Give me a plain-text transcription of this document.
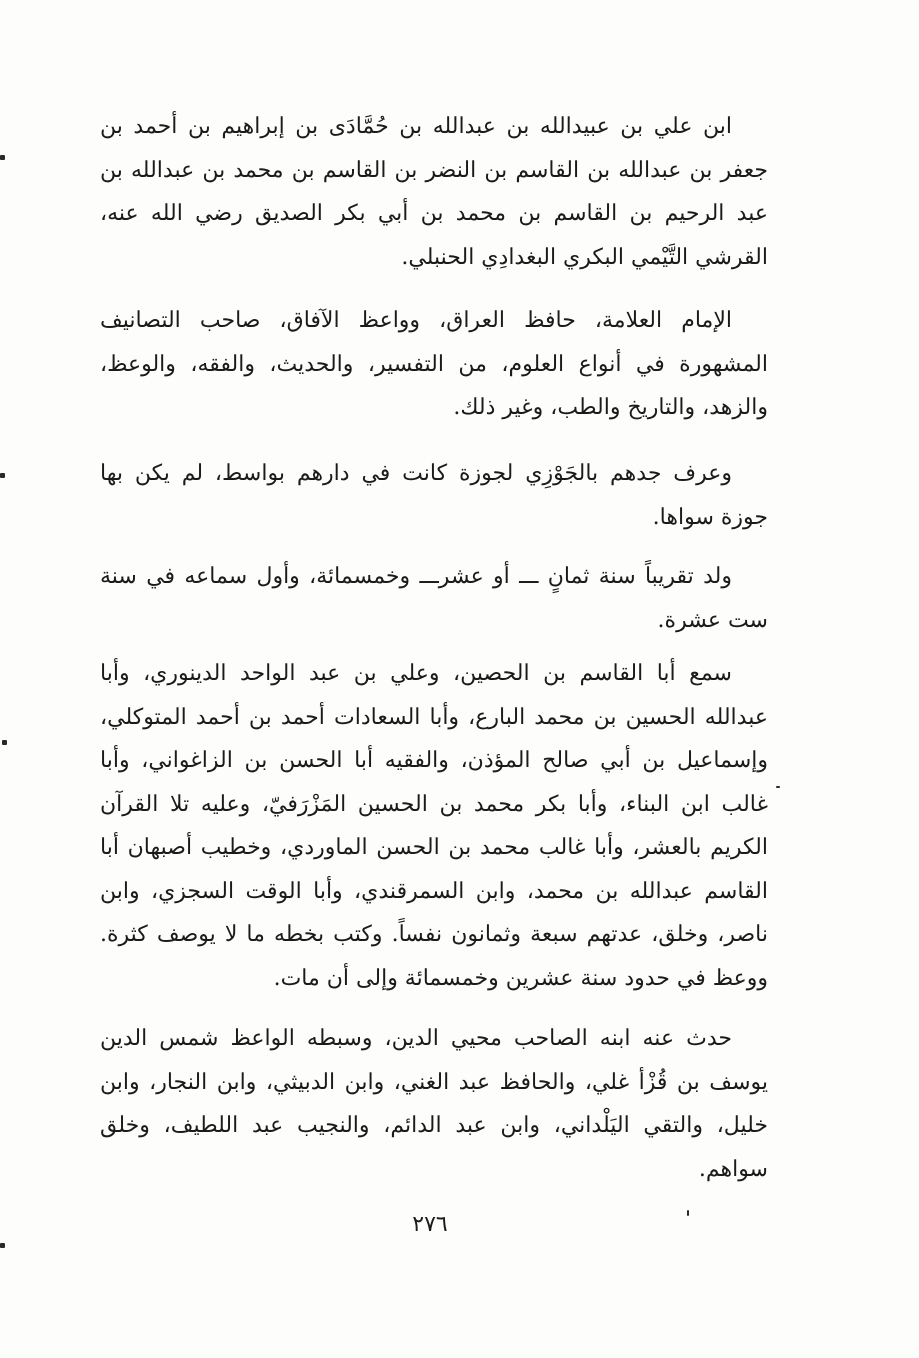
ابن علي بن عبيدالله بن عبدالله بن حُمَّادَى بن إبراهيم بن أحمد بن جعفر بن عبدالله بن القاسم بن النضر بن القاسم بن محمد بن عبدالله بن عبد الرحيم بن القاسم بن محمد بن أبي بكر الصديق رضي الله عنه، القرشي التَّيْمي البكري البغدادِي الحنبلي.

الإمام العلامة، حافظ العراق، وواعظ الآفاق، صاحب التصانيف المشهورة في أنواع العلوم، من التفسير، والحديث، والفقه، والوعظ، والزهد، والتاريخ والطب، وغير ذلك.

وعرف جدهم بالجَوْزِي لجوزة كانت في دارهم بواسط، لم يكن بها جوزة سواها.

ولد تقريباً سنة ثمانٍ ـــ أو عشرـــ وخمسمائة، وأول سماعه في سنة ست عشرة.

سمع أبا القاسم بن الحصين، وعلي بن عبد الواحد الدينوري، وأبا عبدالله الحسين بن محمد البارع، وأبا السعادات أحمد بن أحمد المتوكلي، وإسماعيل بن أبي صالح المؤذن، والفقيه أبا الحسن بن الزاغواني، وأبا غالب ابن البناء، وأبا بكر محمد بن الحسين المَزْرَفيّ، وعليه تلا القرآن الكريم بالعشر، وأبا غالب محمد بن الحسن الماوردي، وخطيب أصبهان أبا القاسم عبدالله بن محمد، وابن السمرقندي، وأبا الوقت السجزي، وابن ناصر، وخلق، عدتهم سبعة وثمانون نفساً. وكتب بخطه ما لا يوصف كثرة. ووعظ في حدود سنة عشرين وخمسمائة وإلى أن مات.

حدث عنه ابنه الصاحب محيي الدين، وسبطه الواعظ شمس الدين يوسف بن قُزْأ غلي، والحافظ عبد الغني، وابن الدبيثي، وابن النجار، وابن خليل، والتقي اليَلْداني، وابن عبد الدائم، والنجيب عبد اللطيف، وخلق سواهم.

٢٧٦
